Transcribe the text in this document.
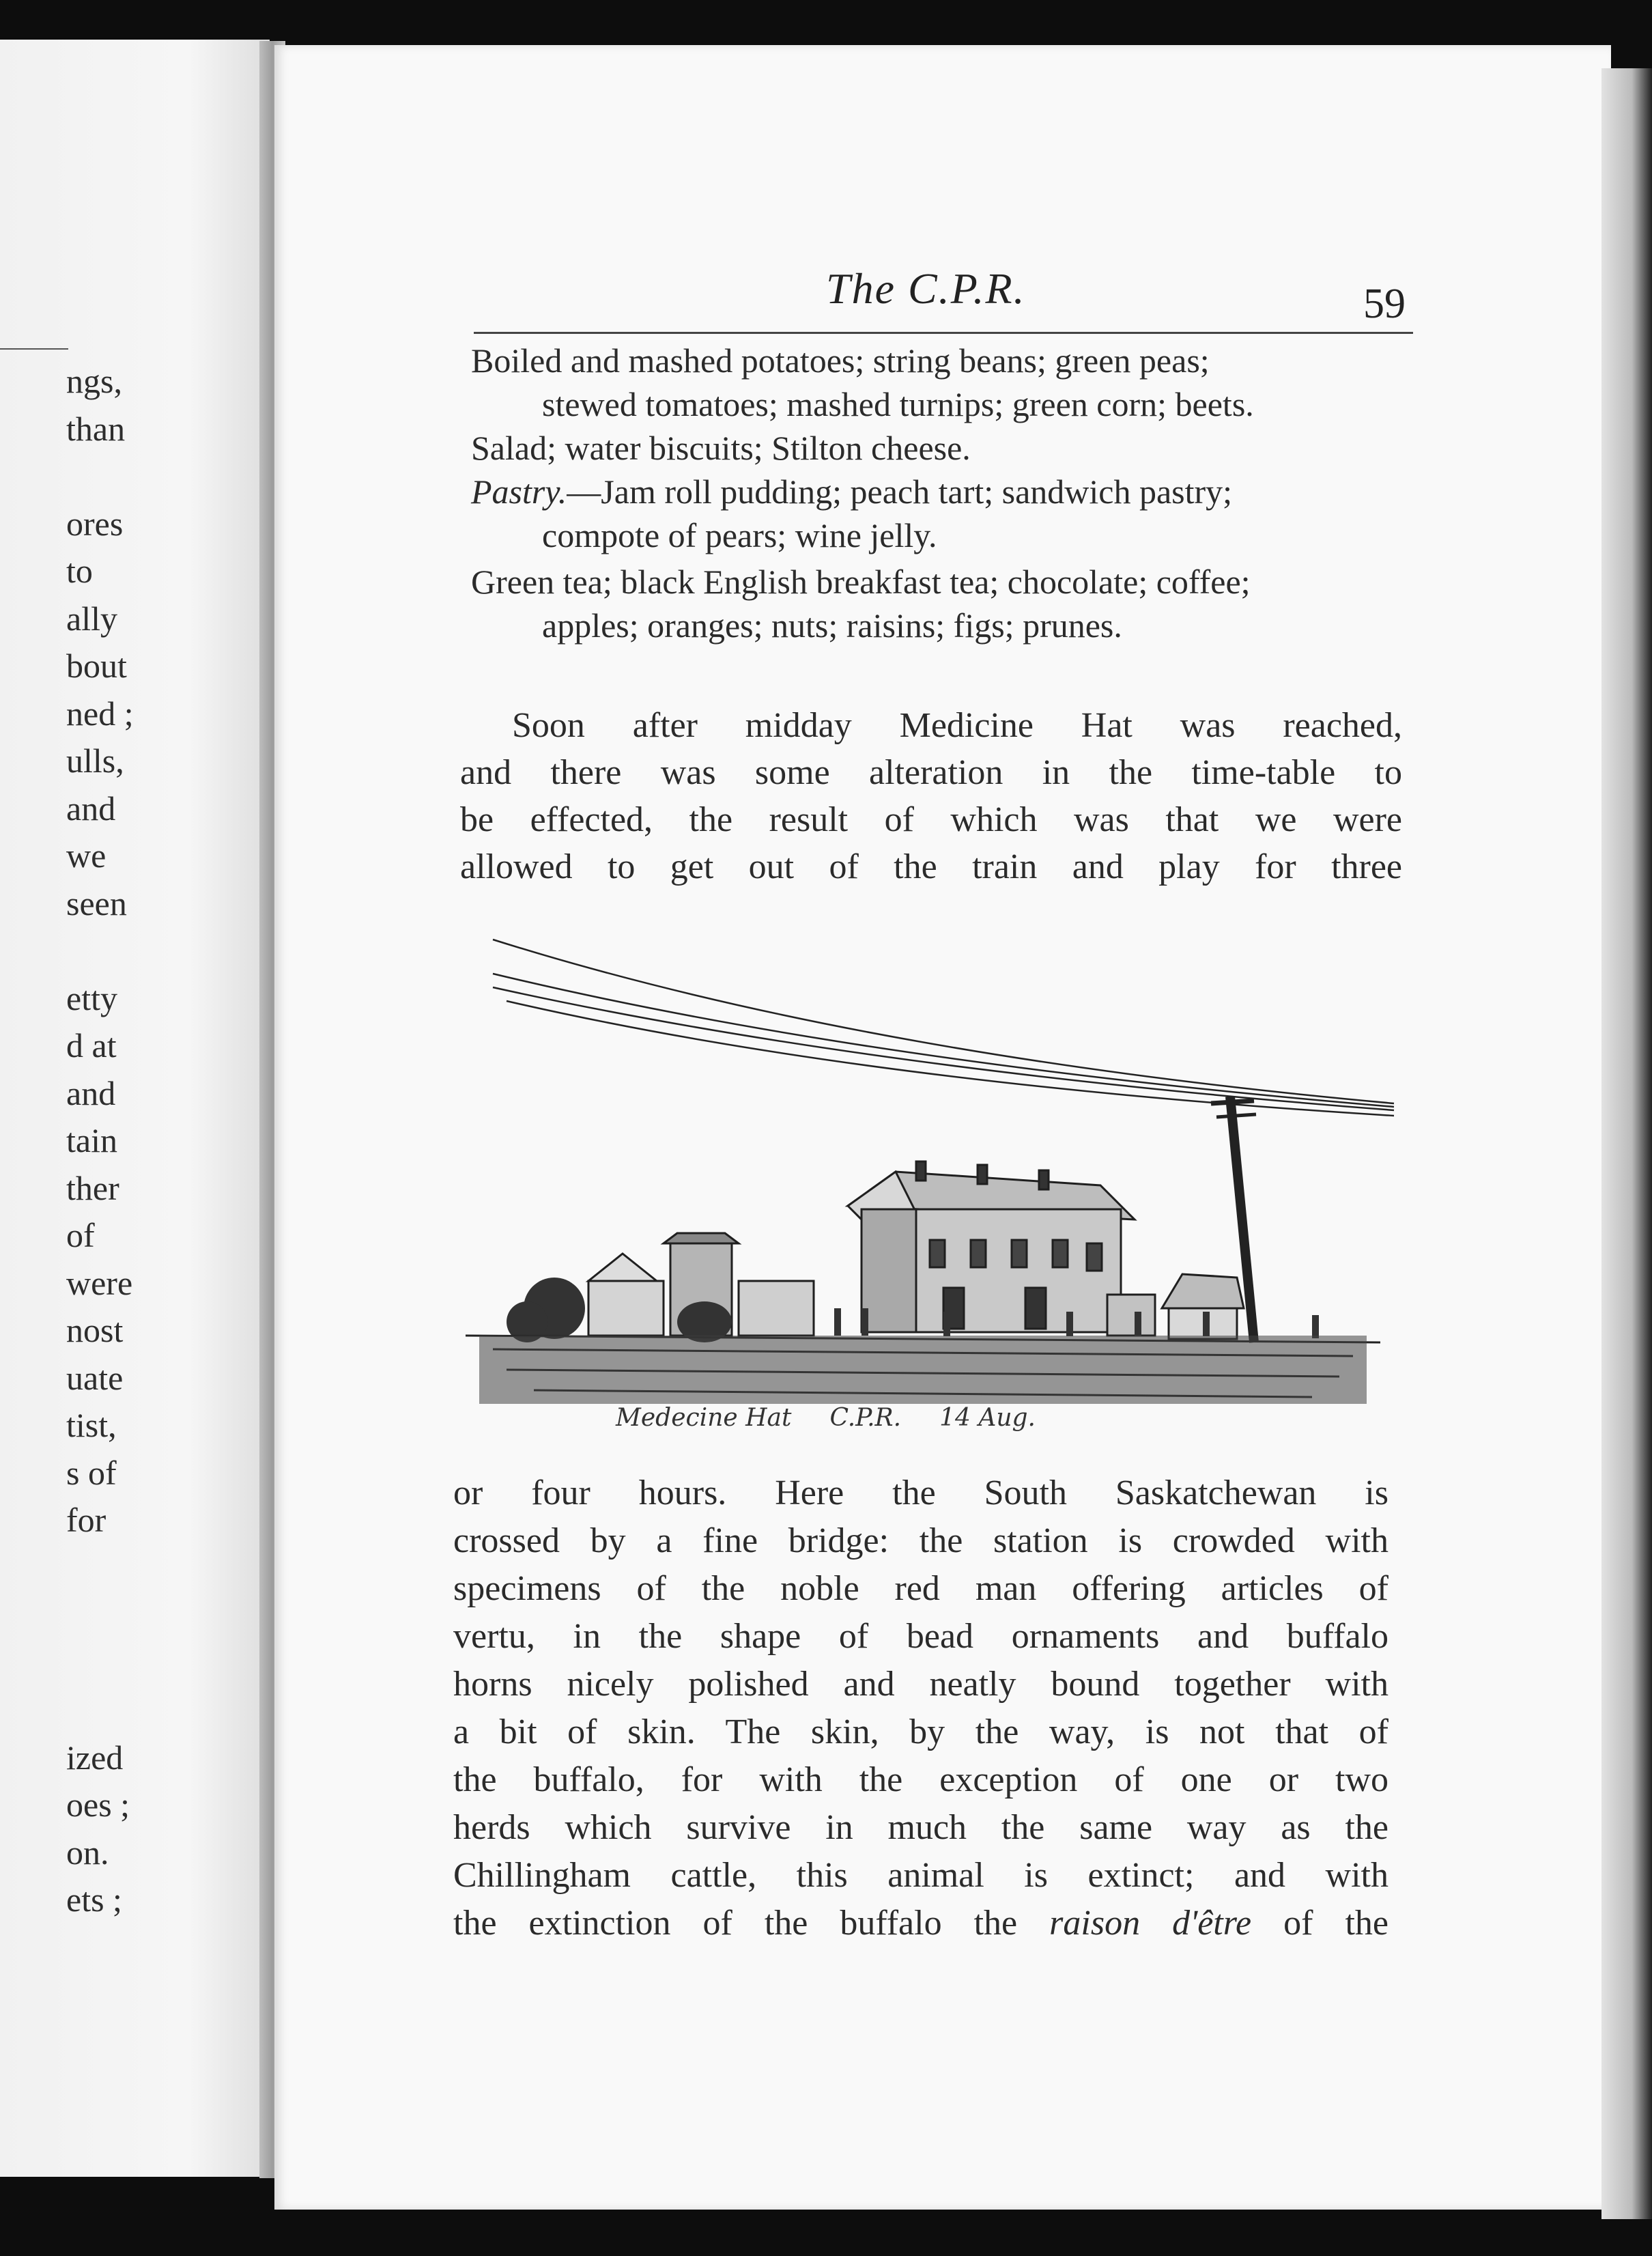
ngs,
than
ores
to
ally
bout
ned ;
ulls,
and
we
seen
etty
d at
and
tain
ther
of
were
nost
uate
tist,
s of
for
ized
oes ;
on.
ets ;
The C.P.R.	59
Boiled and mashed potatoes; string beans; green peas;
stewed tomatoes; mashed turnips; green corn; beets.
Salad; water biscuits; Stilton cheese.
Pastry.—Jam roll pudding; peach tart; sandwich pastry;
compote of pears; wine jelly.
Green tea; black English breakfast tea; chocolate; coffee;
apples; oranges; nuts; raisins; figs; prunes.
Soon after midday Medicine Hat was reached,
and there was some alteration in the time-table to
be effected, the result of which was that we were
allowed to get out of the train and play for three
Medecine Hat C.P.R. 14 Aug.
or four hours. Here the South Saskatchewan is
crossed by a fine bridge: the station is crowded with
specimens of the noble red man offering articles of
vertu, in the shape of bead ornaments and buffalo
horns nicely polished and neatly bound together with
a bit of skin. The skin, by the way, is not that of
the buffalo, for with the exception of one or two
herds which survive in much the same way as the
Chillingham cattle, this animal is extinct; and with
the extinction of the buffalo the raison d'être of the
